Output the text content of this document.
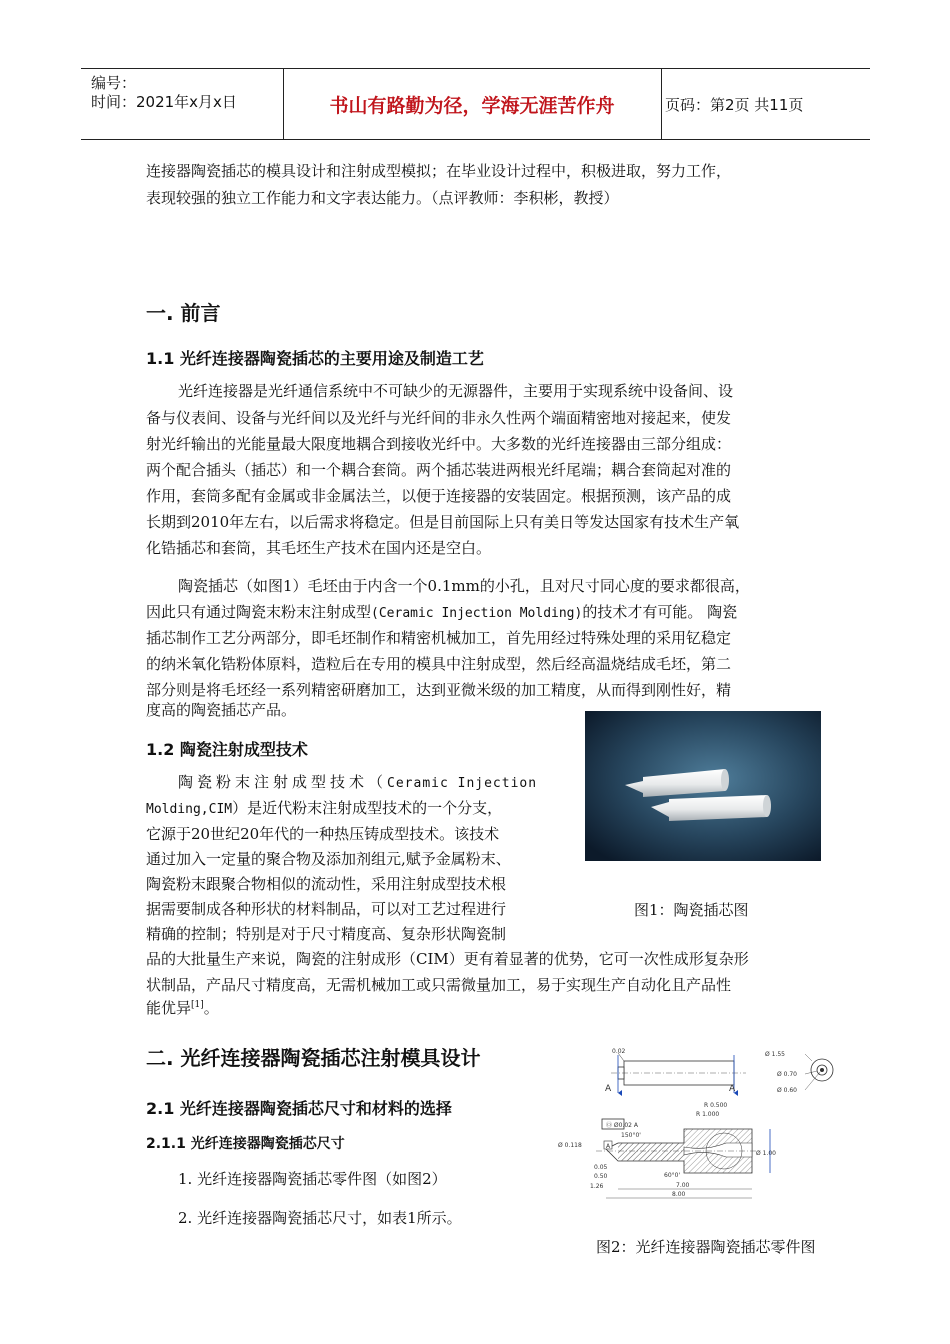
编号：
时间：2021年x月x日	书山有路勤为径，学海无涯苦作舟	页码：第2页 共11页

连接器陶瓷插芯的模具设计和注射成型模拟；在毕业设计过程中，积极进取，努力工作，

表现较强的独立工作能力和文字表达能力。（点评教师：李积彬，教授）

一. 前言
1.1 光纤连接器陶瓷插芯的主要用途及制造工艺

光纤连接器是光纤通信系统中不可缺少的无源器件，主要用于实现系统中设备间、设

备与仪表间、设备与光纤间以及光纤与光纤间的非永久性两个端面精密地对接起来，使发

射光纤输出的光能量最大限度地耦合到接收光纤中。大多数的光纤连接器由三部分组成：

两个配合插头（插芯）和一个耦合套筒。两个插芯装进两根光纤尾端；耦合套筒起对准的

作用，套筒多配有金属或非金属法兰，以便于连接器的安装固定。根据预测，该产品的成

长期到2010年左右，以后需求将稳定。但是目前国际上只有美日等发达国家有技术生产氧

化锆插芯和套筒，其毛坯生产技术在国内还是空白。

陶瓷插芯（如图1）毛坯由于内含一个0.1mm的小孔，且对尺寸同心度的要求都很高，

因此只有通过陶瓷末粉末注射成型(Ceramic Injection Molding)的技术才有可能。 陶瓷

插芯制作工艺分两部分，即毛坯制作和精密机械加工，首先用经过特殊处理的采用钇稳定

的纳米氧化锆粉体原料，造粒后在专用的模具中注射成型，然后经高温烧结成毛坯，第二

部分则是将毛坯经一系列精密研磨加工，达到亚微米级的加工精度，从而得到刚性好，精

度高的陶瓷插芯产品。

1.2 陶瓷注射成型技术

陶瓷粉末注射成型技术（Ceramic Injection

Molding,CIM）是近代粉末注射成型技术的一个分支，

它源于20世纪20年代的一种热压铸成型技术。该技术

通过加入一定量的聚合物及添加剂组元,赋予金属粉末、

陶瓷粉末跟聚合物相似的流动性，采用注射成型技术根

据需要制成各种形状的材料制品，可以对工艺过程进行

精确的控制；特别是对于尺寸精度高、复杂形状陶瓷制

品的大批量生产来说，陶瓷的注射成形（CIM）更有着显著的优势，它可一次性成形复杂形

状制品，产品尺寸精度高，无需机械加工或只需微量加工，易于实现生产自动化且产品性

能优异[1]。

图1：陶瓷插芯图
二. 光纤连接器陶瓷插芯注射模具设计
2.1 光纤连接器陶瓷插芯尺寸和材料的选择
2.1.1 光纤连接器陶瓷插芯尺寸

1. 光纤连接器陶瓷插芯零件图（如图2）

2. 光纤连接器陶瓷插芯尺寸，如表1所示。

0.02
A	A
Ø 1.55
Ø 0.70
Ø 0.60
Ⓞ Ø0.02 A
R 0.500
R 1.000
150°0'
Ø 0.118	A
Ø 1.00
0.05
0.50
1.26
60°0'
7.00
8.00
图2：光纤连接器陶瓷插芯零件图
